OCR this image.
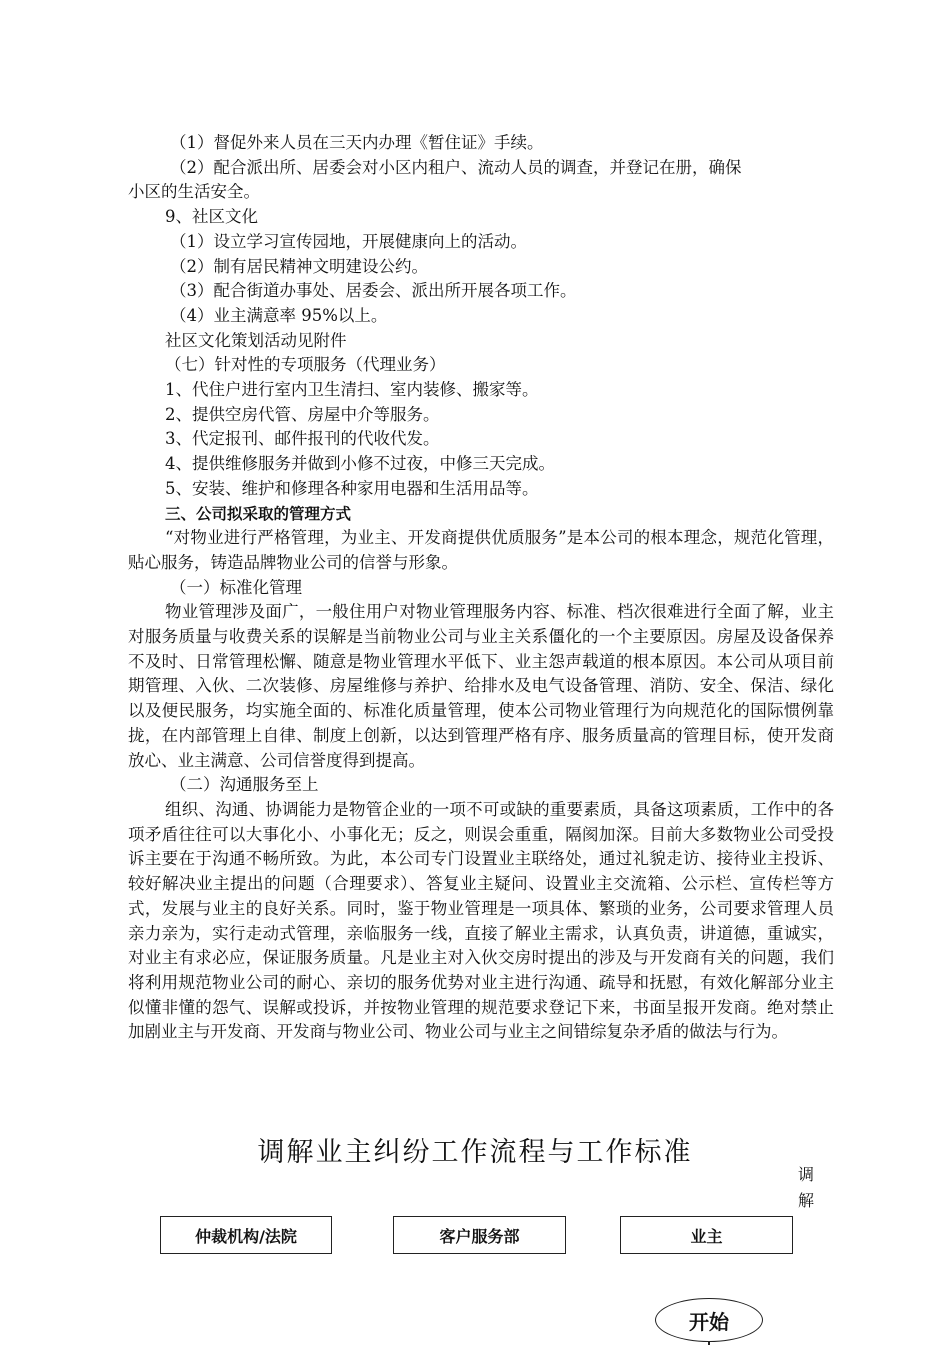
（1）督促外来人员在三天内办理《暂住证》手续。
（2）配合派出所、居委会对小区内租户、流动人员的调查，并登记在册，确保
小区的生活安全。
9、社区文化
（1）设立学习宣传园地，开展健康向上的活动。
（2）制有居民精神文明建设公约。
（3）配合街道办事处、居委会、派出所开展各项工作。
（4）业主满意率 95%以上。
社区文化策划活动见附件
（七）针对性的专项服务（代理业务）
1、代住户进行室内卫生清扫、室内装修、搬家等。
2、提供空房代管、房屋中介等服务。
3、代定报刊、邮件报刊的代收代发。
4、提供维修服务并做到小修不过夜，中修三天完成。
5、安装、维护和修理各种家用电器和生活用品等。
三、公司拟采取的管理方式
“对物业进行严格管理，为业主、开发商提供优质服务”是本公司的根本理念，规范化管理，贴心服务，铸造品牌物业公司的信誉与形象。
（一）标准化管理
物业管理涉及面广，一般住用户对物业管理服务内容、标准、档次很难进行全面了解，业主对服务质量与收费关系的误解是当前物业公司与业主关系僵化的一个主要原因。房屋及设备保养不及时、日常管理松懈、随意是物业管理水平低下、业主怨声载道的根本原因。本公司从项目前期管理、入伙、二次装修、房屋维修与养护、给排水及电气设备管理、消防、安全、保洁、绿化以及便民服务，均实施全面的、标准化质量管理，使本公司物业管理行为向规范化的国际惯例靠拢，在内部管理上自律、制度上创新，以达到管理严格有序、服务质量高的管理目标，使开发商放心、业主满意、公司信誉度得到提高。
（二）沟通服务至上
组织、沟通、协调能力是物管企业的一项不可或缺的重要素质，具备这项素质，工作中的各项矛盾往往可以大事化小、小事化无；反之，则误会重重，隔阂加深。目前大多数物业公司受投诉主要在于沟通不畅所致。为此，本公司专门设置业主联络处，通过礼貌走访、接待业主投诉、较好解决业主提出的问题（合理要求）、答复业主疑问、设置业主交流箱、公示栏、宣传栏等方式，发展与业主的良好关系。同时，鉴于物业管理是一项具体、繁琐的业务，公司要求管理人员亲力亲为，实行走动式管理，亲临服务一线，直接了解业主需求，认真负责，讲道德，重诚实，对业主有求必应，保证服务质量。凡是业主对入伙交房时提出的涉及与开发商有关的问题，我们将利用规范物业公司的耐心、亲切的服务优势对业主进行沟通、疏导和抚慰，有效化解部分业主似懂非懂的怨气、误解或投诉，并按物业管理的规范要求登记下来，书面呈报开发商。绝对禁止加剧业主与开发商、开发商与物业公司、物业公司与业主之间错综复杂矛盾的做法与行为。
调解业主纠纷工作流程与工作标准
调
解
仲裁机构/法院	客户服务部	业主
开始
